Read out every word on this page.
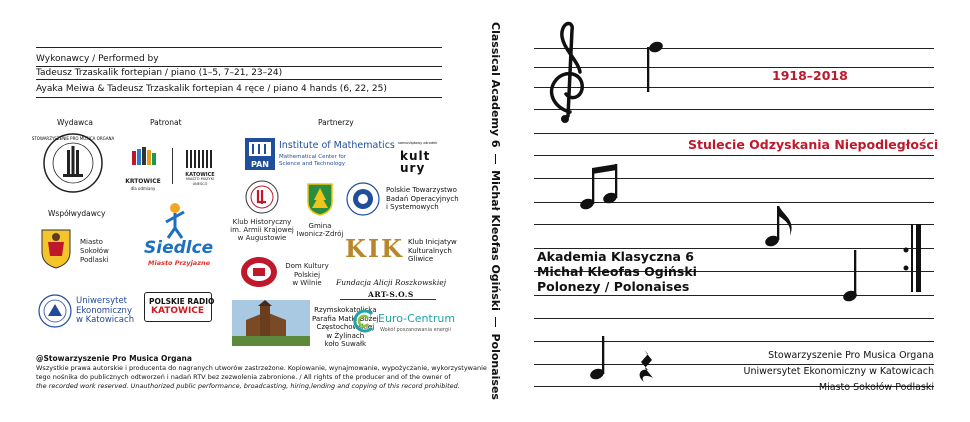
Wykonawcy / Performed by
Tadeusz Trzaskalik fortepian / piano (1–5, 7–21, 23–24)
Ayaka Meiwa & Tadeusz Trzaskalik fortepian 4 ręce / piano 4 hands (6, 22, 25)
Wydawca	Patronat	Partnerzy
Współwydawcy
STOWARZYSZENIE PRO MUSICA ORGANA
KRTOWICE
dla odmiany
KATOWICE
MIASTO MUZYKI
UNESCO
PAN
Institute of Mathematics
Mathematical Center for
Science and Technology
samorządowy ośrodek
kultury
Klub Historyczny
im. Armii Krajowej
w Augustowie
Gmina
Iwonicz-Zdrój
Polskie Towarzystwo
Badań Operacyjnych
i Systemowych
KIK Klub Inicjatyw
Kulturalnych
Gliwice
Miasto
Sokołów
Podlaski
Siedlce
Miasto Przyjazne	Dom Kultury
Polskiej
w Wilnie	Fundacja Alicji Roszkowskiej
ART-S.O.S
Uniwersytet
Ekonomiczny
w Katowicach
POLSKIE RADIO
KATOWICE	Rzymskokatolicka
Parafia Matki Bożej
Częstochowskiej
w Żylinach
koło Suwałk
Euro-Centrum
Wokół poszanowania energii
@Stowarzyszenie Pro Musica Organa
Wszystkie prawa autorskie i producenta do nagranych utworów zastrzeżone. Kopiowanie, wynajmowanie, wypożyczanie, wykorzystywanie
tego nośnika do publicznych odtworzeń i nadań RTV bez zezwolenia zabronione. / All rights of the producer and of the owner of
the recorded work reserved. Unauthorized public performance, broadcasting, hiring,lending and copying of this record prohibited.
Classical Academy 6
Michał Kleofas Ogiński
Polonaises
1918–2018
Stulecie Odzyskania Niepodległości
Akademia Klasyczna 6
Michał Kleofas Ogiński
Polonezy / Polonaises
Stowarzyszenie Pro Musica Organa
Uniwersytet Ekonomiczny w Katowicach
Miasto Sokołów Podlaski
